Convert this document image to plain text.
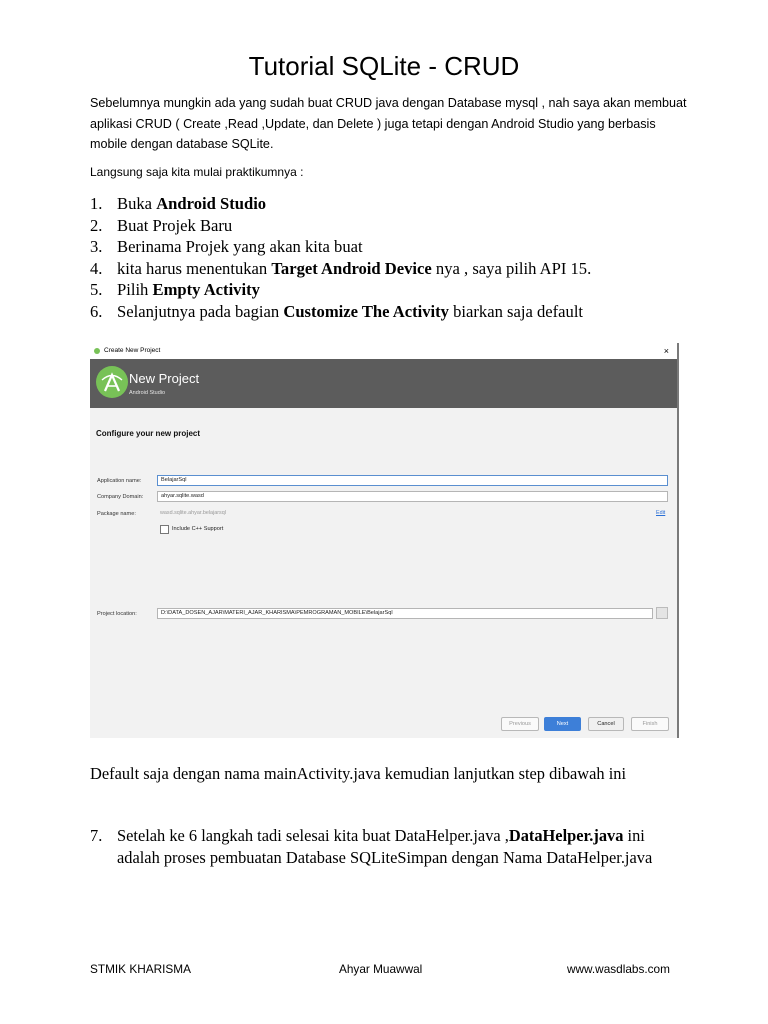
Tutorial SQLite - CRUD
Sebelumnya mungkin ada yang sudah buat CRUD java dengan Database mysql , nah saya akan membuat aplikasi CRUD ( Create ,Read ,Update, dan Delete ) juga tetapi dengan Android Studio yang berbasis mobile dengan database SQLite.
Langsung saja kita mulai praktikumnya :
1. Buka Android Studio
2. Buat Projek Baru
3. Berinama Projek yang akan kita buat
4. kita harus menentukan Target Android Device nya , saya pilih API 15.
5. Pilih Empty Activity
6. Selanjutnya pada bagian Customize The Activity biarkan saja default
Create New Project	×
New Project
Android Studio
Configure your new project
Application name:	BelajarSql
Company Domain:	ahyar.sqlite.wasd
Package name:	wasd.sqlite.ahyar.belajarsql	Edit
Include C++ Support
Project location:	D:\DATA_DOSEN_AJAR\MATERI_AJAR_KHARISMA\PEMROGRAMAN_MOBILE\BelajarSql
Previous	Next	Cancel	Finish
Default saja dengan nama mainActivity.java kemudian lanjutkan step dibawah ini
7. Setelah ke 6 langkah tadi selesai kita buat DataHelper.java ,DataHelper.java ini adalah proses pembuatan Database SQLiteSimpan dengan Nama DataHelper.java
STMIK KHARISMA	Ahyar Muawwal	www.wasdlabs.com
